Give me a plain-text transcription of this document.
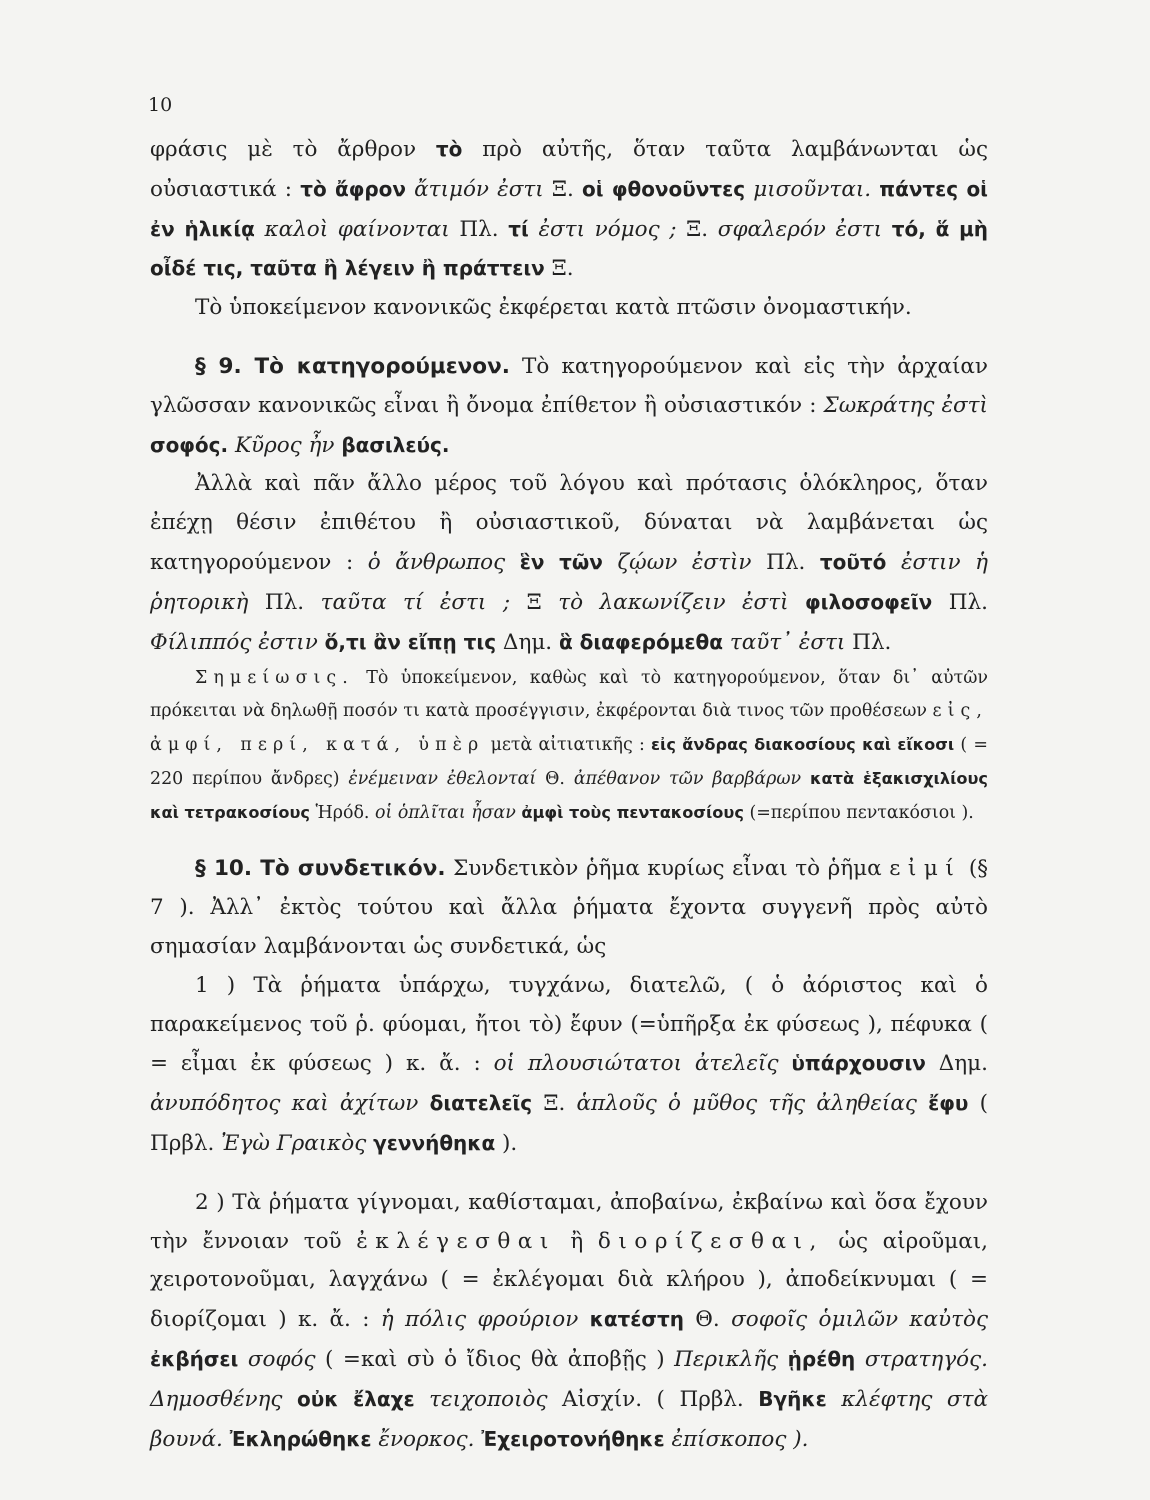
10

φράσις μὲ τὸ ἄρθρον τὸ πρὸ αὐτῆς, ὅταν ταῦτα λαμβάνωνται ὡς οὐσιαστικά : τὸ ἄφρον ἄτιμόν ἐστι Ξ. οἱ φθονοῦντες μισοῦνται. πάντες οἱ ἐν ἡλικίᾳ καλοὶ φαίνονται Πλ. τί ἐστι νόμος ; Ξ. σφαλερόν ἐστι τό, ἅ μὴ οἶδέ τις, ταῦτα ἢ λέγειν ἢ πράττειν Ξ.

Τὸ ὑποκείμενον κανονικῶς ἐκφέρεται κατὰ πτῶσιν ὀνομαστικήν.

§ 9. Τὸ κατηγορούμενον. Τὸ κατηγορούμενον καὶ εἰς τὴν ἀρχαίαν γλῶσσαν κανονικῶς εἶναι ἢ ὄνομα ἐπίθετον ἢ οὐσιαστικόν : Σωκράτης ἐστὶ σοφός. Κῦρος ἦν βασιλεύς.

Ἀλλὰ καὶ πᾶν ἄλλο μέρος τοῦ λόγου καὶ πρότασις ὁλόκληρος, ὅταν ἐπέχῃ θέσιν ἐπιθέτου ἢ οὐσιαστικοῦ, δύναται νὰ λαμβάνεται ὡς κατηγορούμενον : ὁ ἄνθρωπος ἓν τῶν ζῴων ἐστὶν Πλ. τοῦτό ἐστιν ἡ ῥητορικὴ Πλ. ταῦτα τί ἐστι ; Ξ τὸ λακωνίζειν ἐστὶ φιλοσοφεῖν Πλ. Φίλιππός ἐστιν ὅ,τι ἂν εἴπῃ τις Δημ. ἃ διαφερόμεθα ταῦτ᾽ ἐστι Πλ.

Σημείωσις. Τὸ ὑποκείμενον, καθὼς καὶ τὸ κατηγορούμενον, ὅταν δι᾽ αὐτῶν πρόκειται νὰ δηλωθῇ ποσόν τι κατὰ προσέγγισιν, ἐκφέρονται διὰ τινος τῶν προθέσεων εἰς, ἀμφί, περί, κατά, ὑπὲρ μετὰ αἰτιατικῆς : εἰς ἄνδρας διακοσίους καὶ εἴκοσι ( = 220 περίπου ἄνδρες) ἐνέμειναν ἐθελονταί Θ. ἀπέθανον τῶν βαρβάρων κατὰ ἑξακισχιλίους καὶ τετρακοσίους Ἡρόδ. οἱ ὁπλῖται ἦσαν ἀμφὶ τοὺς πεντακοσίους (=περίπου πεντακόσιοι ).

§ 10. Τὸ συνδετικόν. Συνδετικὸν ῥῆμα κυρίως εἶναι τὸ ῥῆμα εἰμί (§ 7 ). Ἀλλ᾽ ἐκτὸς τούτου καὶ ἄλλα ῥήματα ἔχοντα συγγενῆ πρὸς αὐτὸ σημασίαν λαμβάνονται ὡς συνδετικά, ὡς

1 ) Τὰ ῥήματα ὑπάρχω, τυγχάνω, διατελῶ, ( ὁ ἀόριστος καὶ ὁ παρακείμενος τοῦ ῥ. φύομαι, ἤτοι τὸ) ἔφυν (=ὑπῆρξα ἐκ φύσεως ), πέφυκα ( = εἶμαι ἐκ φύσεως ) κ. ἄ. : οἱ πλουσιώτατοι ἀτελεῖς ὑπάρχουσιν Δημ. ἀνυπόδητος καὶ ἀχίτων διατελεῖς Ξ. ἁπλοῦς ὁ μῦθος τῆς ἀληθείας ἔφυ ( Πρβλ. Ἐγὼ Γραικὸς γεννήθηκα ).

2 ) Τὰ ῥήματα γίγνομαι, καθίσταμαι, ἀποβαίνω, ἐκβαίνω καὶ ὅσα ἔχουν τὴν ἔννοιαν τοῦ ἐκλέγεσθαι ἢ διορίζεσθαι, ὡς αἱροῦμαι, χειροτονοῦμαι, λαγχάνω ( = ἐκλέγομαι διὰ κλήρου ), ἀποδείκνυμαι ( = διορίζομαι ) κ. ἄ. : ἡ πόλις φρούριον κατέστη Θ. σοφοῖς ὁμιλῶν καὐτὸς ἐκβήσει σοφός ( =καὶ σὺ ὁ ἴδιος θὰ ἀποβῇς ) Περικλῆς ᾑρέθη στρατηγός. Δημοσθένης οὐκ ἔλαχε τειχοποιὸς Αἰσχίν. ( Πρβλ. Βγῆκε κλέφτης στὰ βουνά. Ἐκληρώθηκε ἔνορκος. Ἐχειροτονήθηκε ἐπίσκοπος ).
